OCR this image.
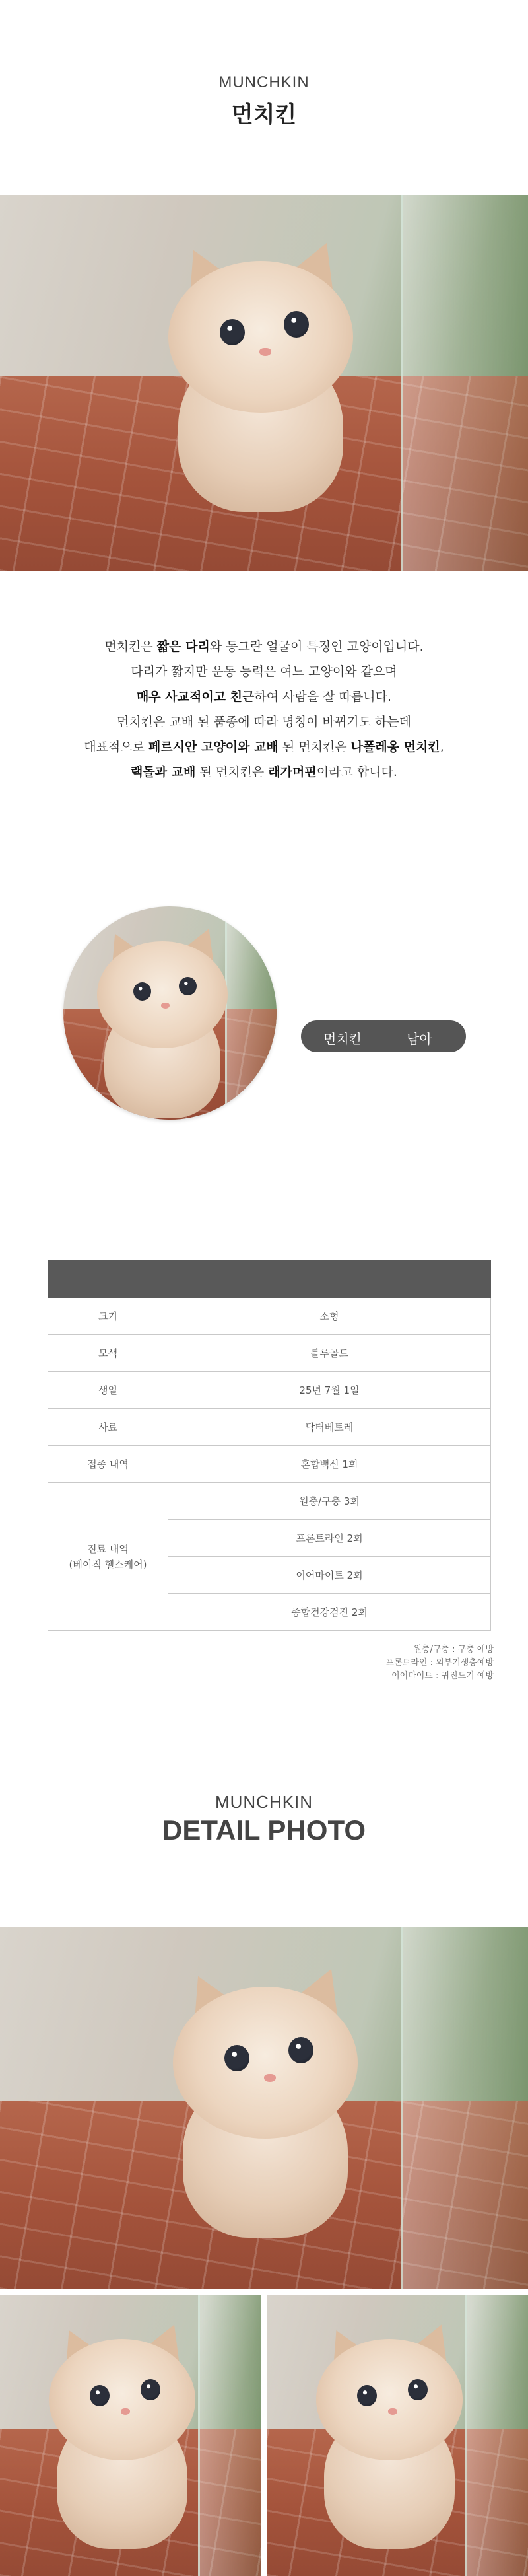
MUNCHKIN
먼치킨
먼치킨은 짧은 다리와 동그란 얼굴이 특징인 고양이입니다.
다리가 짧지만 운동 능력은 여느 고양이와 같으며
매우 사교적이고 친근하여 사람을 잘 따릅니다.
먼치킨은 교배 된 품종에 따라 명칭이 바뀌기도 하는데
대표적으로 페르시안 고양이와 교배 된 먼치킨은 나폴레옹 먼치킨,
랙돌과 교배 된 먼치킨은 래가머핀이라고 합니다.
먼치킨	남아

크기	소형
모색	블루골드
생일	25년 7월 1일
사료	닥터베토레
접종 내역	혼합백신 1회

진료 내역
(베이직 헬스케어)	원충/구충 3회
	프론트라인 2회
	이어마이트 2회
	종합건강검진 2회
원충/구충 : 구충 예방
프론트라인 : 외부기생충예방
이어마이트 : 귀진드기 예방
MUNCHKIN
DETAIL PHOTO
